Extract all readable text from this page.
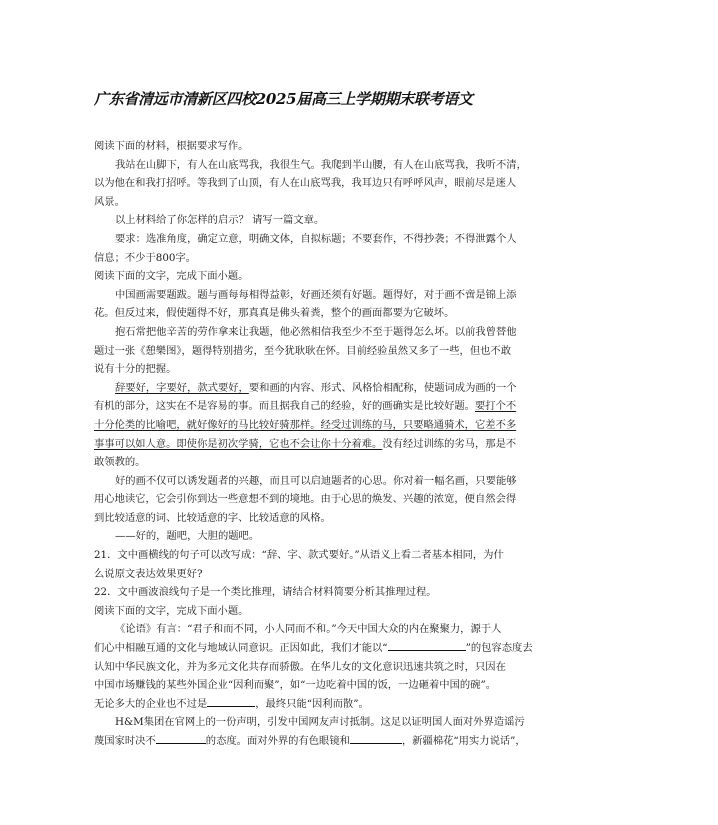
广东省清远市清新区四校2025届高三上学期期末联考语文
阅读下面的材料，根据要求写作。
我站在山脚下，有人在山底骂我，我很生气。我爬到半山腰，有人在山底骂我，我听不清，
以为他在和我打招呼。等我到了山顶，有人在山底骂我，我耳边只有呼呼风声，眼前尽是迷人
风景。
以上材料给了你怎样的启示？ 请写一篇文章。
要求：选准角度，确定立意，明确文体，自拟标题；不要套作，不得抄袭；不得泄露个人
信息；不少于800字。
阅读下面的文字，完成下面小题。
中国画需要题跋。题与画每每相得益彰，好画还须有好题。题得好，对于画不啻是锦上添
花。但反过来，假使题得不好，那真真是佛头着粪，整个的画面都要为它破坏。
抱石常把他辛苦的劳作拿来让我题，他必然相信我至少不至于题得怎么坏。以前我曾替他
题过一张《憩樂图》，题得特别措劣，至今犹耿耿在怀。目前经验虽然又多了一些，但也不敢
说有十分的把握。
辞要好，字要好，款式要好，要和画的内容、形式、风格恰相配称，使题词成为画的一个
有机的部分，这实在不是容易的事。而且据我自己的经验，好的画确实是比较好题。要打个不
十分伦类的比喻吧，就好像好的马比较好骑那样。经受过训练的马，只要略通骑术，它差不多
事事可以如人意。即使你是初次学骑，它也不会让你十分着难。没有经过训练的劣马，那是不
敢领教的。
好的画不仅可以诱发题者的兴趣，而且可以启迪题者的心思。你对着一幅名画，只要能够
用心地读它，它会引你到达一些意想不到的境地。由于心思的焕发、兴趣的浓宽，便自然会得
到比较适意的词、比较适意的字、比较适意的风格。
——好的，题吧，大胆的题吧。
21．文中画横线的句子可以改写成：“辞、字、款式要好。”从语义上看二者基本相同，为什
么说原文表达效果更好?
22．文中画波浪线句子是一个类比推理，请结合材料简要分析其推理过程。
阅读下面的文字，完成下面小题。
《论语》有言：“君子和而不同，小人同而不和。”今天中国大众的内在聚聚力，源于人
们心中相融互通的文化与地域认同意识。正因如此，我们才能以“	”的包容态度去
认知中华民族文化，并为多元文化共存而骄傲。在华儿女的文化意识迅速共筑之时，只因在
中国市场赚钱的某些外国企业“因利而聚”，如“一边吃着中国的饭，一边砸着中国的碗”。
无论多大的企业也不过是	，最终只能“因利而散”。
H&M集团在官网上的一份声明，引发中国网友声讨抵制。这足以证明国人面对外界造谣污
蔑国家时决不	的态度。面对外界的有色眼镜和	，新疆棉花“用实力说话”，
